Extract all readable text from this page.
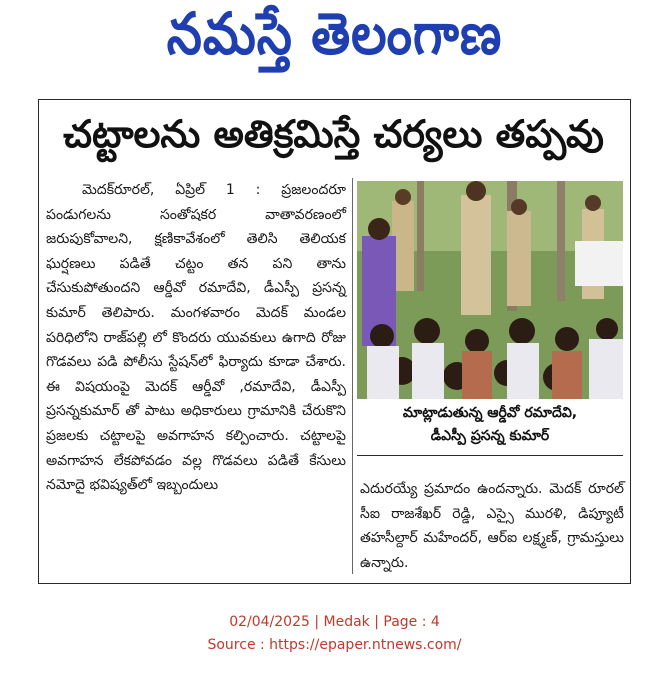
నమస్తే తెలంగాణ
చట్టాలను అతిక్రమిస్తే చర్యలు తప్పవు

మెదక్‌రూరల్‌, ఏప్రిల్‌ 1 : ప్రజలందరూ పండుగలను సంతోషకర వాతావరణంలో జరుపుకోవాలని, క్షణికావేశంలో తెలిసి తెలియక ఘర్షణలు పడితే చట్టం తన పని తాను చేసుకుపోతుందని ఆర్డీవో రమాదేవి, డీఎస్పీ ప్రసన్న కుమార్‌ తెలిపారు. మంగళవారం మెదక్‌ మండల పరిధిలోని రాజ్‌పల్లి లో కొందరు యువకులు ఉగాది రోజు గొడవలు పడి పోలీసు స్టేషన్‌లో ఫిర్యాదు కూడా చేశారు. ఈ విషయంపై మెదక్‌ ఆర్డీవో ,రమాదేవి, డీఎస్పీ ప్రసన్నకుమార్‌ తో పాటు అధికారులు గ్రామానికి చేరుకొని ప్రజలకు చట్టాలపై అవగాహన కల్పించారు. చట్టాలపై అవగాహన లేకపోవడం వల్ల గొడవలు పడితే కేసులు నమోదై భవిష్యత్‌లో ఇబ్బందులు

మాట్లాడుతున్న ఆర్డీవో రమాదేవి,
డీఎస్పీ ప్రసన్న కుమార్‌

ఎదురయ్యే ప్రమాదం ఉందన్నారు. మెదక్‌ రూరల్‌ సీఐ రాజశేఖర్‌ రెడ్డి, ఎస్సై మురళి, డిప్యూటీ తహసీల్దార్‌ మహేందర్‌, ఆర్‌ఐ లక్ష్మణ్‌, గ్రామస్తులు ఉన్నారు.

02/04/2025 | Medak | Page : 4
Source : https://epaper.ntnews.com/
